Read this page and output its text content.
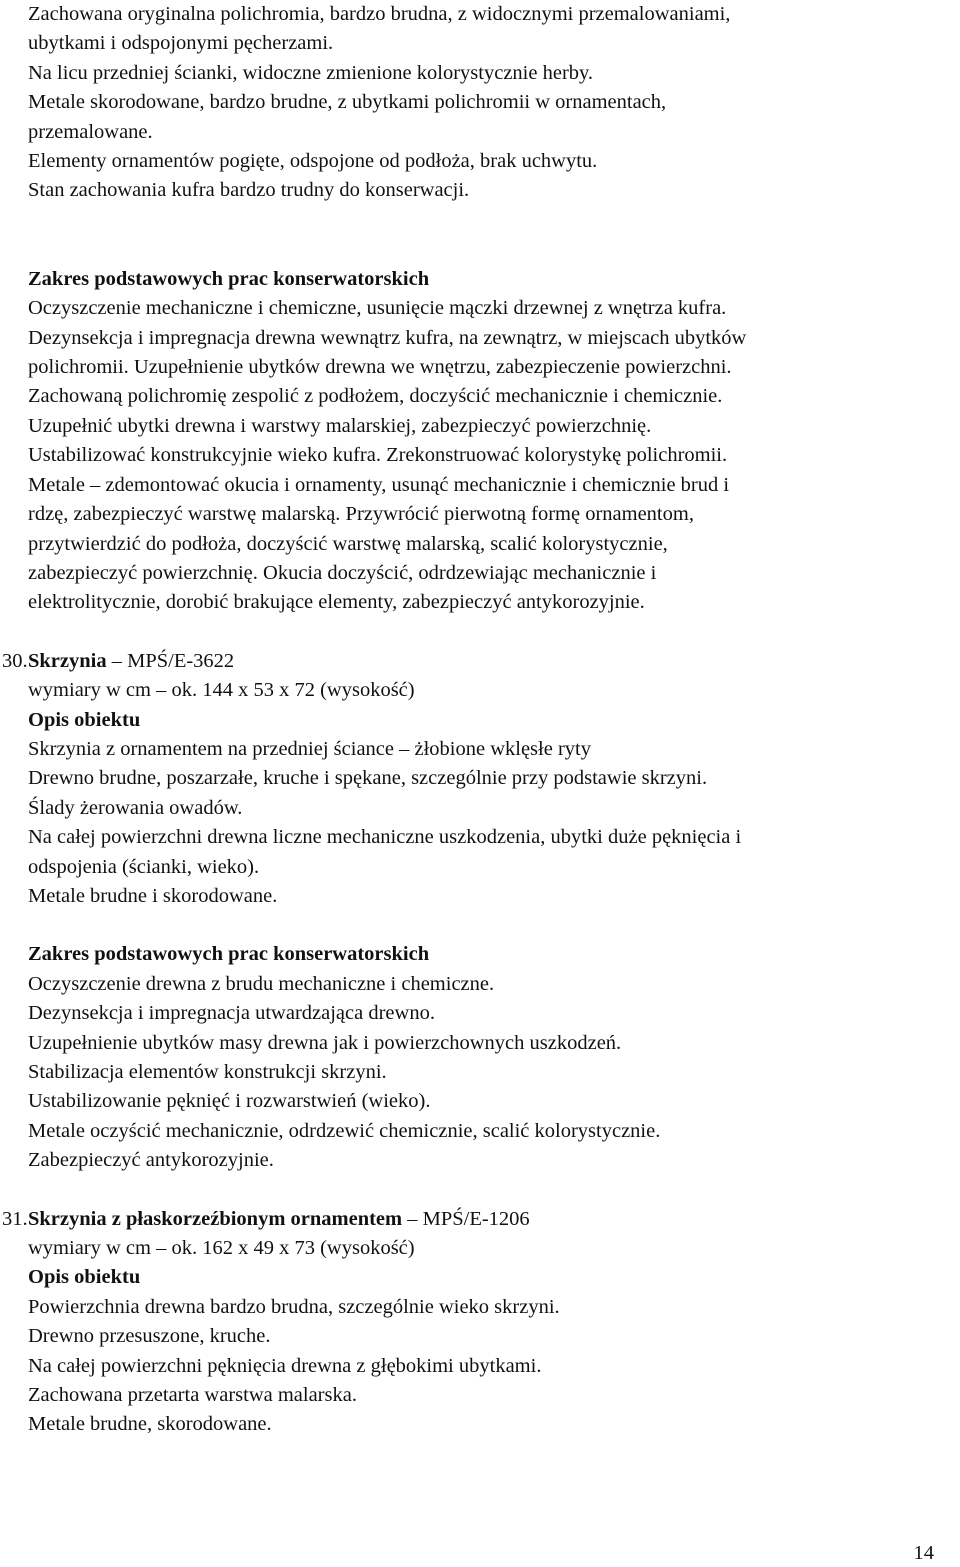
Zachowana oryginalna polichromia, bardzo brudna, z widocznymi przemalowaniami,
ubytkami i odspojonymi pęcherzami.
Na licu przedniej ścianki, widoczne zmienione kolorystycznie herby.
Metale skorodowane, bardzo brudne, z ubytkami polichromii w ornamentach,
przemalowane.
Elementy ornamentów pogięte, odspojone od podłoża, brak uchwytu.
Stan zachowania kufra bardzo trudny do konserwacji.
Zakres podstawowych prac konserwatorskich
Oczyszczenie mechaniczne i chemiczne, usunięcie mączki drzewnej z wnętrza kufra.
Dezynsekcja i impregnacja drewna wewnątrz kufra, na zewnątrz, w miejscach ubytków
polichromii. Uzupełnienie ubytków drewna we wnętrzu, zabezpieczenie powierzchni.
Zachowaną polichromię zespolić z podłożem, doczyścić mechanicznie i chemicznie.
Uzupełnić ubytki drewna i warstwy malarskiej, zabezpieczyć powierzchnię.
Ustabilizować konstrukcyjnie wieko kufra. Zrekonstruować kolorystykę polichromii.
Metale – zdemontować okucia i ornamenty, usunąć mechanicznie i chemicznie brud i
rdzę, zabezpieczyć warstwę malarską. Przywrócić pierwotną formę ornamentom,
przytwierdzić do podłoża, doczyścić warstwę malarską, scalić kolorystycznie,
zabezpieczyć powierzchnię. Okucia doczyścić, odrdzewiając mechanicznie i
elektrolitycznie, dorobić brakujące elementy, zabezpieczyć antykorozyjnie.
30. Skrzynia – MPŚ/E-3622
wymiary w cm – ok. 144 x 53 x 72 (wysokość)
Opis obiektu
Skrzynia z ornamentem na przedniej ściance – żłobione wklęsłe ryty
Drewno brudne, poszarzałe, kruche i spękane, szczególnie przy podstawie skrzyni.
Ślady żerowania owadów.
Na całej powierzchni drewna liczne mechaniczne uszkodzenia, ubytki duże pęknięcia i
odspojenia (ścianki, wieko).
Metale brudne i skorodowane.
Zakres podstawowych prac konserwatorskich
Oczyszczenie drewna z brudu mechaniczne i chemiczne.
Dezynsekcja i impregnacja utwardzająca drewno.
Uzupełnienie ubytków masy drewna jak i powierzchownych uszkodzeń.
Stabilizacja elementów konstrukcji skrzyni.
Ustabilizowanie pęknięć i rozwarstwień (wieko).
Metale oczyścić mechanicznie, odrdzewić chemicznie, scalić kolorystycznie.
Zabezpieczyć antykorozyjnie.
31. Skrzynia z płaskorzeźbionym ornamentem – MPŚ/E-1206
wymiary w cm – ok. 162 x 49 x 73 (wysokość)
Opis obiektu
Powierzchnia drewna bardzo brudna, szczególnie wieko skrzyni.
Drewno przesuszone, kruche.
Na całej powierzchni pęknięcia drewna z głębokimi ubytkami.
Zachowana przetarta warstwa malarska.
Metale brudne, skorodowane.
14
